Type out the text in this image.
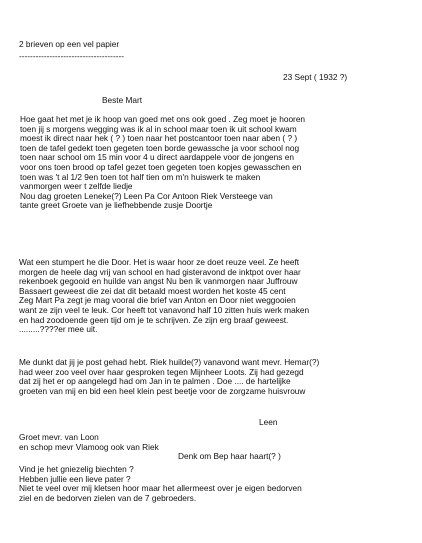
2 brieven op een vel papier
--------------------------------------
23 Sept ( 1932 ?)
Beste Mart
Hoe gaat het met je ik hoop van goed met ons ook goed . Zeg moet je hooren
toen jij s morgens wegging was ik al in school maar toen ik uit school kwam
moest ik direct naar hek ( ? ) toen naar het postcantoor toen naar aben ( ? )
toen de tafel gedekt toen gegeten toen borde gewassche ja voor school nog
toen naar school om 15 min voor 4 u direct aardappele voor de jongens en
voor ons toen brood op tafel gezet toen gegeten toen kopjes gewasschen en
toen was 't al 1/2 9en toen tot half tien om m'n huiswerk te maken
vanmorgen weer t zelfde liedje
Nou dag groeten Leneke(?) Leen Pa Cor Antoon Riek Versteege van
tante greet Groete van je liefhebbende zusje Doortje
Wat een stumpert he die Door. Het is waar hoor ze doet reuze veel. Ze heeft
morgen de heele dag vrij van school en had gisteravond de inktpot over haar
rekenboek gegooid en huilde van angst Nu ben ik vanmorgen naar Juffrouw
Bassaert geweest die zei dat dit betaald moest worden het koste 45 cent
Zeg Mart Pa zegt je mag vooral die brief van Anton en Door niet weggooien
want ze zijn veel te leuk. Cor heeft tot vanavond half 10 zitten huis werk maken
en had zoodoende geen tijd om je te schrijven. Ze zijn erg braaf geweest.
.........????er mee uit.
Me dunkt dat jij je post gehad hebt. Riek huilde(?) vanavond want mevr. Hemar(?)
had weer zoo veel over haar gesproken tegen Mijnheer Loots. Zij had gezegd
dat zij het er op aangelegd had om Jan in te palmen . Doe .... de hartelijke
groeten van mij en bid een heel klein pest beetje voor de zorgzame huisvrouw
Leen
Groet mevr. van Loon
en schop mevr Vlamoog ook van Riek
Denk om Bep haar haart(? )
Vind je het gniezelig biechten ?
Hebben jullie een lieve pater ?
Niet te veel over mij kletsen hoor maar het allermeest over je eigen bedorven
ziel en de bedorven zielen van de 7 gebroeders.
